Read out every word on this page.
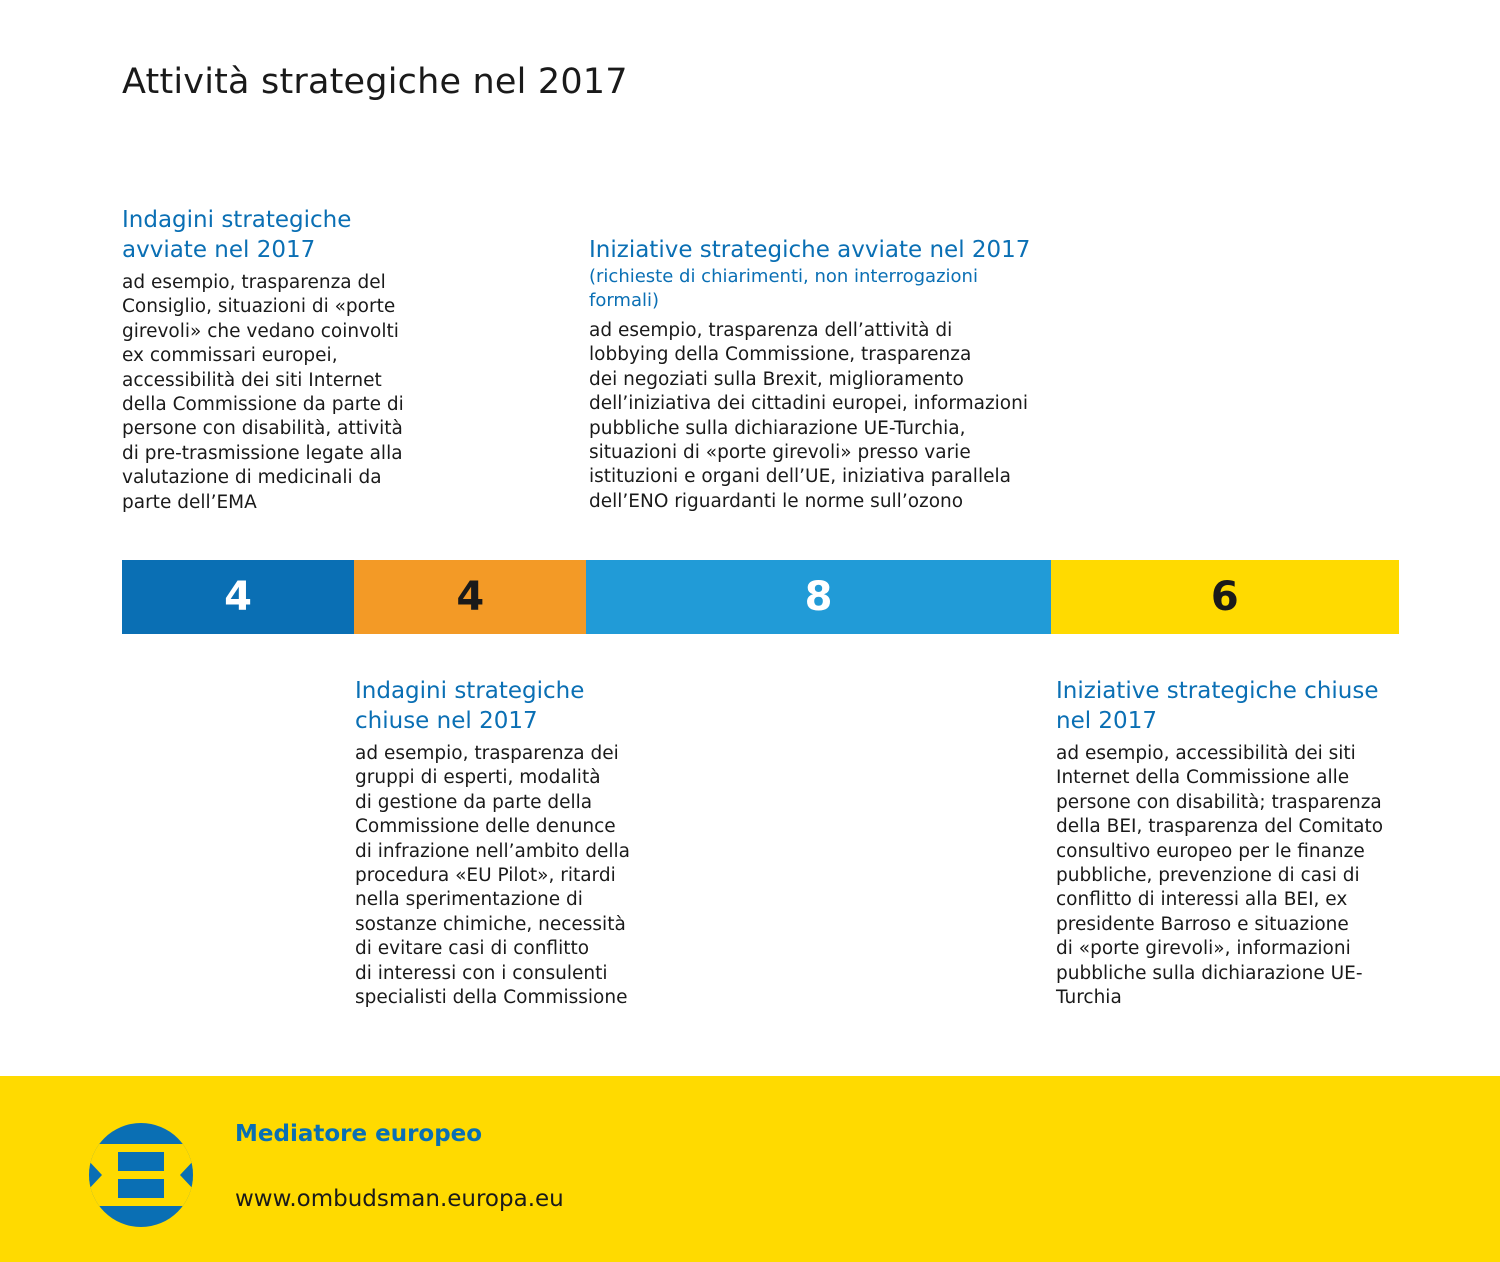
Attività strategiche nel 2017
Indagini strategiche
avviate nel 2017
ad esempio, trasparenza del
Consiglio, situazioni di «porte
girevoli» che vedano coinvolti
ex commissari europei,
accessibilità dei siti Internet
della Commissione da parte di
persone con disabilità, attività
di pre-trasmissione legate alla
valutazione di medicinali da
parte dell’EMA
Iniziative strategiche avviate nel 2017
(richieste di chiarimenti, non interrogazioni
formali)
ad esempio, trasparenza dell’attività di
lobbying della Commissione, trasparenza
dei negoziati sulla Brexit, miglioramento
dell’iniziativa dei cittadini europei, informazioni
pubbliche sulla dichiarazione UE-Turchia,
situazioni di «porte girevoli» presso varie
istituzioni e organi dell’UE, iniziativa parallela
dell’ENO riguardanti le norme sull’ozono
4	4	8	6
Indagini strategiche
chiuse nel 2017
ad esempio, trasparenza dei
gruppi di esperti, modalità
di gestione da parte della
Commissione delle denunce
di infrazione nell’ambito della
procedura «EU Pilot», ritardi
nella sperimentazione di
sostanze chimiche, necessità
di evitare casi di conflitto
di interessi con i consulenti
specialisti della Commissione
Iniziative strategiche chiuse
nel 2017
ad esempio, accessibilità dei siti
Internet della Commissione alle
persone con disabilità; trasparenza
della BEI, trasparenza del Comitato
consultivo europeo per le finanze
pubbliche, prevenzione di casi di
conflitto di interessi alla BEI, ex
presidente Barroso e situazione
di «porte girevoli», informazioni
pubbliche sulla dichiarazione UE-
Turchia
Mediatore europeo
www.ombudsman.europa.eu
